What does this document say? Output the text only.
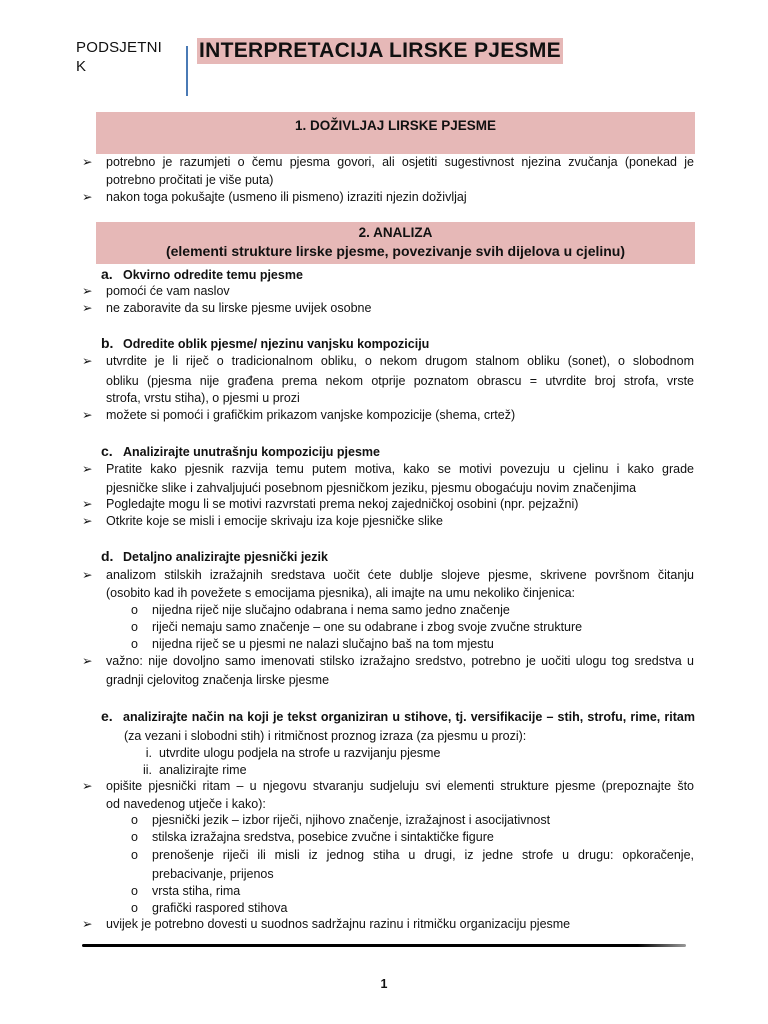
PODSJETNI
K
INTERPRETACIJA LIRSKE PJESME
1. DOŽIVLJAJ LIRSKE PJESME
➢ potrebno je razumjeti o čemu pjesma govori, ali osjetiti sugestivnost njezina zvučanja (ponekad je
potrebno pročitati je više puta)
➢ nakon toga pokušajte (usmeno ili pismeno) izraziti njezin doživljaj
2. ANALIZA
(elementi strukture lirske pjesme, povezivanje svih dijelova u cjelinu)
a. Okvirno odredite temu pjesme
➢ pomoći će vam naslov
➢ ne zaboravite da su lirske pjesme uvijek osobne
b. Odredite oblik pjesme/ njezinu vanjsku kompoziciju
➢ utvrdite je li riječ o tradicionalnom obliku, o nekom drugom stalnom obliku (sonet), o slobodnom
obliku (pjesma nije građena prema nekom otprije poznatom obrascu = utvrdite broj strofa, vrste
strofa, vrstu stiha), o pjesmi u prozi
➢ možete si pomoći i grafičkim prikazom vanjske kompozicije (shema, crtež)
c. Analizirajte unutrašnju kompoziciju pjesme
➢ Pratite kako pjesnik razvija temu putem motiva, kako se motivi povezuju u cjelinu i kako grade
pjesničke slike i zahvaljujući posebnom pjesničkom jeziku, pjesmu obogaćuju novim značenjima
➢ Pogledajte mogu li se motivi razvrstati prema nekoj zajedničkoj osobini (npr. pejzažni)
➢ Otkrite koje se misli i emocije skrivaju iza koje pjesničke slike
d. Detaljno analizirajte pjesnički jezik
➢ analizom stilskih izražajnih sredstava uočit ćete dublje slojeve pjesme, skrivene površnom čitanju
(osobito kad ih povežete s emocijama pjesnika), ali imajte na umu nekoliko činjenica:
o nijedna riječ nije slučajno odabrana i nema samo jedno značenje
o riječi nemaju samo značenje – one su odabrane i zbog svoje zvučne strukture
o nijedna riječ se u pjesmi ne nalazi slučajno baš na tom mjestu
➢ važno: nije dovoljno samo imenovati stilsko izražajno sredstvo, potrebno je uočiti ulogu tog sredstva u
gradnji cjelovitog značenja lirske pjesme
e. analizirajte način na koji je tekst organiziran u stihove, tj. versifikacije – stih, strofu, rime, ritam
(za vezani i slobodni stih) i ritmičnost proznog izraza (za pjesmu u prozi):
i. utvrdite ulogu podjela na strofe u razvijanju pjesme
ii. analizirajte rime
➢ opišite pjesnički ritam – u njegovu stvaranju sudjeluju svi elementi strukture pjesme (prepoznajte što
od navedenog utječe i kako):
o pjesnički jezik – izbor riječi, njihovo značenje, izražajnost i asocijativnost
o stilska izražajna sredstva, posebice zvučne i sintaktičke figure
o prenošenje riječi ili misli iz jednog stiha u drugi, iz jedne strofe u drugu: opkoračenje,
prebacivanje, prijenos
o vrsta stiha, rima
o grafički raspored stihova
➢ uvijek je potrebno dovesti u suodnos sadržajnu razinu i ritmičku organizaciju pjesme
1
